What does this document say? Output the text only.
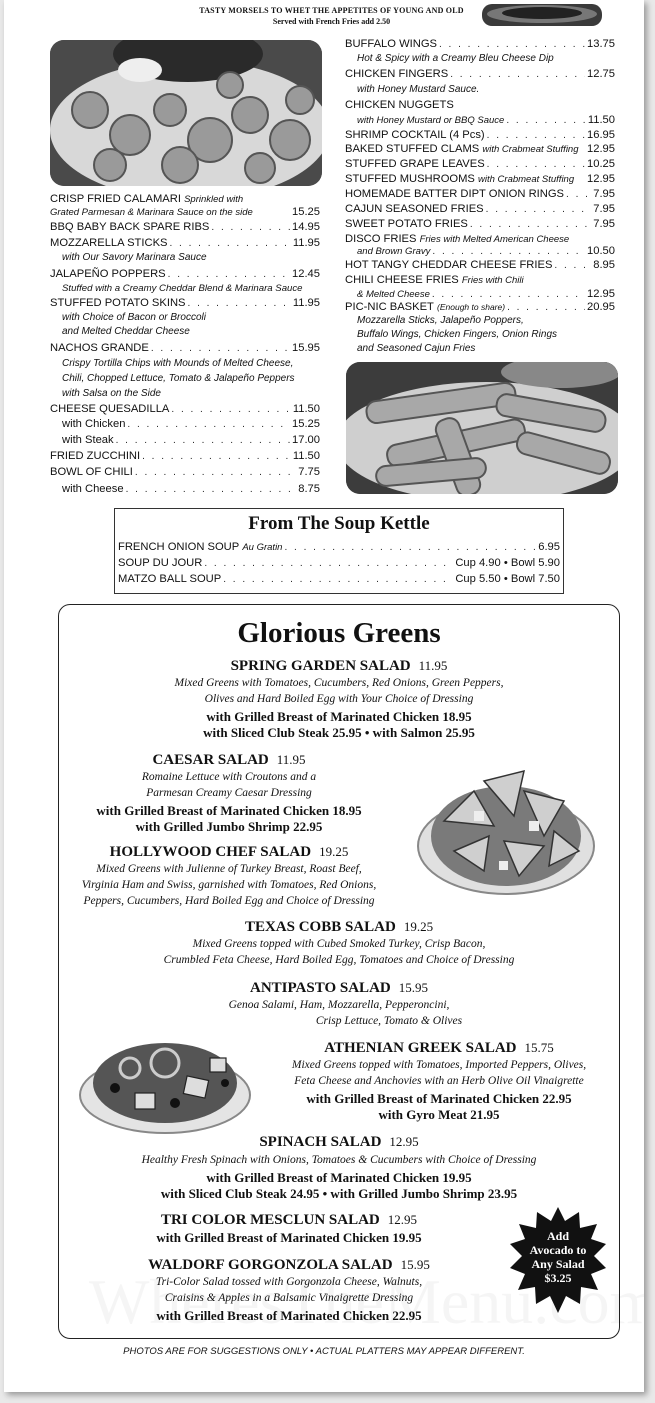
TASTY MORSELS TO WHET THE APPETITES OF YOUNG AND OLD
Served with French Fries add 2.50
CRISP FRIED CALAMARI Sprinkled with
Grated Parmesan & Marinara Sauce on the side	15.25
BBQ BABY BACK SPARE RIBS . . .	14.95
MOZZARELLA STICKS . . .	11.95
with Our Savory Marinara Sauce
JALAPEÑO POPPERS . . .	12.45
Stuffed with a Creamy Cheddar Blend & Marinara Sauce
STUFFED POTATO SKINS . . .	11.95
with Choice of Bacon or Broccoli
and Melted Cheddar Cheese
NACHOS GRANDE . . .	15.95
Crispy Tortilla Chips with Mounds of Melted Cheese,
Chili, Chopped Lettuce, Tomato & Jalapeño Peppers
with Salsa on the Side
CHEESE QUESADILLA . . .	11.50
with Chicken . . .	15.25
with Steak . . .	17.00
FRIED ZUCCHINI . . .	11.50
BOWL OF CHILI . . .	7.75
with Cheese . . .	8.75
BUFFALO WINGS . . .	13.75
Hot & Spicy with a Creamy Bleu Cheese Dip
CHICKEN FINGERS . . .	12.75
with Honey Mustard Sauce.
CHICKEN NUGGETS
with Honey Mustard or BBQ Sauce . . .	11.50
SHRIMP COCKTAIL (4 Pcs) . . .	16.95
BAKED STUFFED CLAMS
with Crabmeat Stuffing 12.95
STUFFED GRAPE LEAVES . . .	10.25
STUFFED MUSHROOMS
with Crabmeat Stuffing 12.95
HOMEMADE BATTER DIPT ONION RINGS . . .	7.95
CAJUN SEASONED FRIES . . .	7.95
SWEET POTATO FRIES . . .	7.95
DISCO FRIES Fries with Melted American Cheese
and Brown Gravy . . .	10.50
HOT TANGY CHEDDAR CHEESE FRIES . . .	8.95
CHILI CHEESE FRIES Fries with Chili
& Melted Cheese . . .	12.95
PIC-NIC BASKET
(Enough to share) . . .	20.95
Mozzarella Sticks, Jalapeño Poppers,
Buffalo Wings, Chicken Fingers, Onion Rings
and Seasoned Cajun Fries
From The Soup Kettle
FRENCH ONION SOUP
Au Gratin . . .	6.95
SOUP DU JOUR . . .	Cup 4.90 • Bowl 5.90
MATZO BALL SOUP . . .	Cup 5.50 • Bowl 7.50
Glorious Greens
SPRING GARDEN SALAD 11.95
Mixed Greens with Tomatoes, Cucumbers, Red Onions, Green Peppers,
Olives and Hard Boiled Egg with Your Choice of Dressing
with Grilled Breast of Marinated Chicken 18.95
with Sliced Club Steak 25.95 • with Salmon 25.95
CAESAR SALAD 11.95
Romaine Lettuce with Croutons and a
Parmesan Creamy Caesar Dressing
with Grilled Breast of Marinated Chicken 18.95
with Grilled Jumbo Shrimp 22.95
HOLLYWOOD CHEF SALAD 19.25
Mixed Greens with Julienne of Turkey Breast, Roast Beef,
Virginia Ham and Swiss, garnished with Tomatoes, Red Onions,
Peppers, Cucumbers, Hard Boiled Egg and Choice of Dressing
TEXAS COBB SALAD 19.25
Mixed Greens topped with Cubed Smoked Turkey, Crisp Bacon,
Crumbled Feta Cheese, Hard Boiled Egg, Tomatoes and Choice of Dressing
ANTIPASTO SALAD 15.95
Genoa Salami, Ham, Mozzarella, Pepperoncini,
Crisp Lettuce, Tomato & Olives
ATHENIAN GREEK SALAD 15.75
Mixed Greens topped with Tomatoes, Imported Peppers, Olives,
Feta Cheese and Anchovies with an Herb Olive Oil Vinaigrette
with Grilled Breast of Marinated Chicken 22.95
with Gyro Meat 21.95
SPINACH SALAD 12.95
Healthy Fresh Spinach with Onions, Tomatoes & Cucumbers with Choice of Dressing
with Grilled Breast of Marinated Chicken 19.95
with Sliced Club Steak 24.95 • with Grilled Jumbo Shrimp 23.95
TRI COLOR MESCLUN SALAD 12.95
with Grilled Breast of Marinated Chicken 19.95
WALDORF GORGONZOLA SALAD 15.95
Tri-Color Salad tossed with Gorgonzola Cheese, Walnuts,
Craisins & Apples in a Balsamic Vinaigrette Dressing
with Grilled Breast of Marinated Chicken 22.95
Add
Avocado to
Any Salad
$3.25
PHOTOS ARE FOR SUGGESTIONS ONLY • ACTUAL PLATTERS MAY APPEAR DIFFERENT.
